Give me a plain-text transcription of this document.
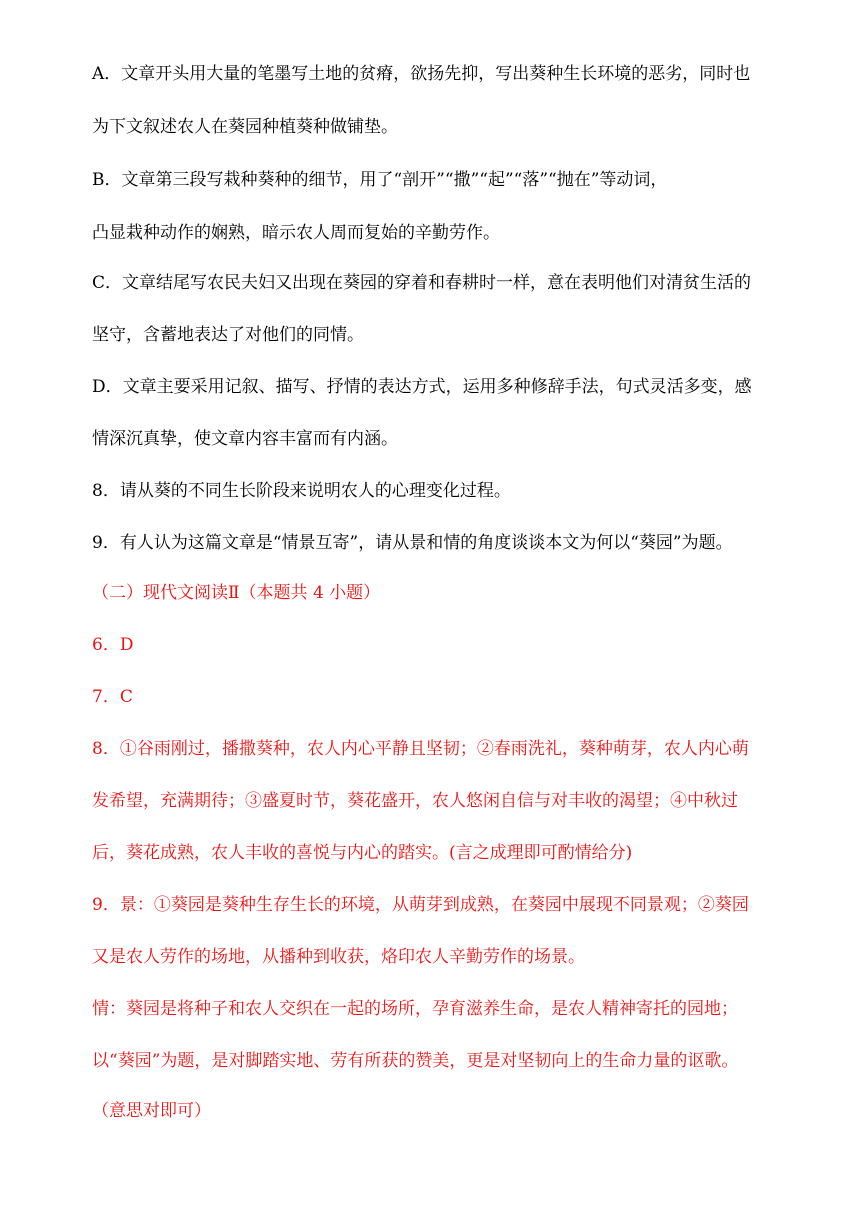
A．文章开头用大量的笔墨写土地的贫瘠，欲扬先抑，写出葵种生长环境的恶劣，同时也

为下文叙述农人在葵园种植葵种做铺垫。

B．文章第三段写栽种葵种的细节，用了“剖开”“撒”“起”“落”“抛在”等动词，

凸显栽种动作的娴熟，暗示农人周而复始的辛勤劳作。

C．文章结尾写农民夫妇又出现在葵园的穿着和春耕时一样，意在表明他们对清贫生活的

坚守，含蓄地表达了对他们的同情。

D．文章主要采用记叙、描写、抒情的表达方式，运用多种修辞手法，句式灵活多变，感

情深沉真挚，使文章内容丰富而有内涵。

8．请从葵的不同生长阶段来说明农人的心理变化过程。

9．有人认为这篇文章是“情景互寄”，请从景和情的角度谈谈本文为何以“葵园”为题。

（二）现代文阅读Ⅱ（本题共 4 小题）

6．D

7．C

8．①谷雨刚过，播撒葵种，农人内心平静且坚韧；②春雨洗礼，葵种萌芽，农人内心萌

发希望，充满期待；③盛夏时节，葵花盛开，农人悠闲自信与对丰收的渴望；④中秋过

后，葵花成熟，农人丰收的喜悦与内心的踏实。(言之成理即可酌情给分)

9．景：①葵园是葵种生存生长的环境，从萌芽到成熟，在葵园中展现不同景观；②葵园

又是农人劳作的场地，从播种到收获，烙印农人辛勤劳作的场景。

情：葵园是将种子和农人交织在一起的场所，孕育滋养生命，是农人精神寄托的园地；

以“葵园”为题，是对脚踏实地、劳有所获的赞美，更是对坚韧向上的生命力量的讴歌。

（意思对即可）
